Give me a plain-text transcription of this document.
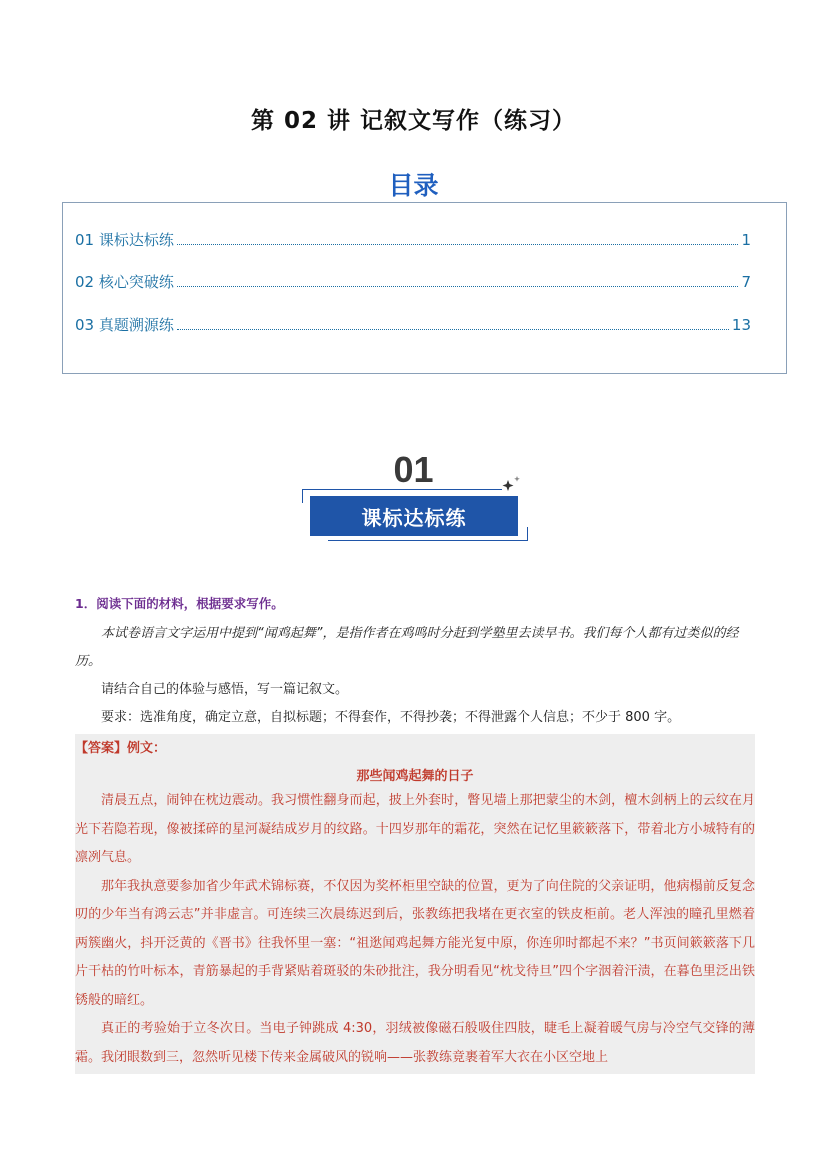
第 02 讲 记叙文写作（练习）
目录
01 课标达标练	1
02 核心突破练	7
03 真题溯源练	13
01
课标达标练
1．阅读下面的材料，根据要求写作。
本试卷语言文字运用中提到“闻鸡起舞”，是指作者在鸡鸣时分赶到学塾里去读早书。我们每个人都有过类似的经历。
请结合自己的体验与感悟，写一篇记叙文。
要求：选准角度，确定立意，自拟标题；不得套作，不得抄袭；不得泄露个人信息；不少于 800 字。
【答案】例文：
那些闻鸡起舞的日子

清晨五点，闹钟在枕边震动。我习惯性翻身而起，披上外套时，瞥见墙上那把蒙尘的木剑，檀木剑柄上的云纹在月光下若隐若现，像被揉碎的星河凝结成岁月的纹路。十四岁那年的霜花，突然在记忆里簌簌落下，带着北方小城特有的凛冽气息。

那年我执意要参加省少年武术锦标赛，不仅因为奖杯柜里空缺的位置，更为了向住院的父亲证明，他病榻前反复念叨的少年当有鸿云志”并非虚言。可连续三次晨练迟到后，张教练把我堵在更衣室的铁皮柜前。老人浑浊的瞳孔里燃着两簇幽火，抖开泛黄的《晋书》往我怀里一塞：“祖逖闻鸡起舞方能光复中原，你连卯时都起不来？”书页间簌簌落下几片干枯的竹叶标本，青筋暴起的手背紧贴着斑驳的朱砂批注，我分明看见“枕戈待旦”四个字洇着汗渍，在暮色里泛出铁锈般的暗红。

真正的考验始于立冬次日。当电子钟跳成 4:30，羽绒被像磁石般吸住四肢，睫毛上凝着暖气房与冷空气交锋的薄霜。我闭眼数到三，忽然听见楼下传来金属破风的锐响——张教练竟裹着军大衣在小区空地上
